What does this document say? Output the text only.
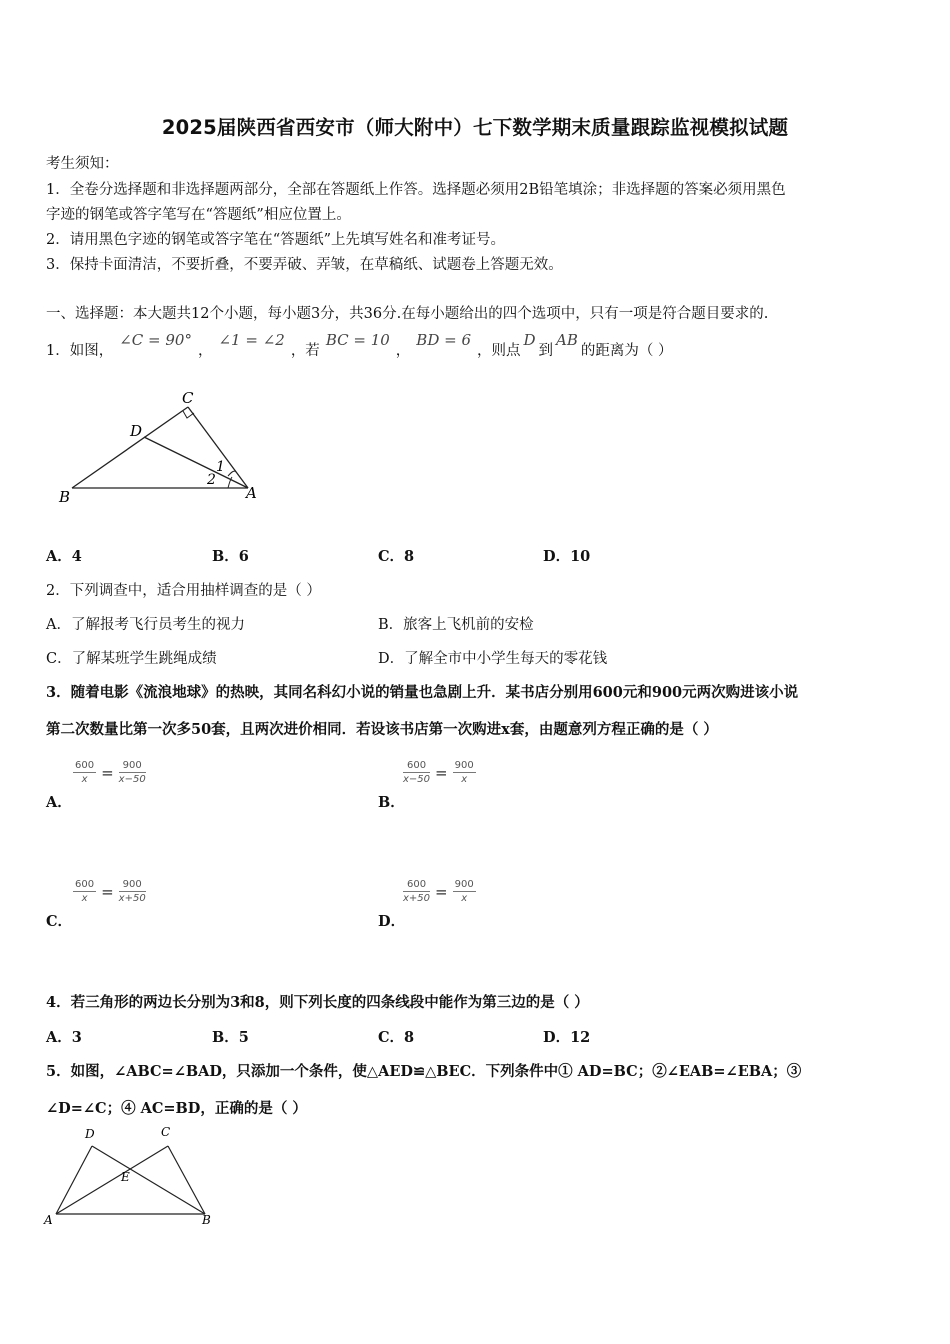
2025届陕西省西安市（师大附中）七下数学期末质量跟踪监视模拟试题
考生须知：
1．全卷分选择题和非选择题两部分，全部在答题纸上作答。选择题必须用2B铅笔填涂；非选择题的答案必须用黑色
字迹的钢笔或答字笔写在“答题纸”相应位置上。
2．请用黑色字迹的钢笔或答字笔在“答题纸”上先填写姓名和准考证号。
3．保持卡面清洁，不要折叠，不要弄破、弄皱，在草稿纸、试题卷上答题无效。
一、选择题：本大题共12个小题，每小题3分，共36分.在每小题给出的四个选项中，只有一项是符合题目要求的.
1．如图，∠C = 90°，∠1 = ∠2，若BC = 10，BD = 6，则点D到AB的距离为（ ）
C
D
B	A
1
2
A．4	B．6	C．8	D．10
2．下列调查中，适合用抽样调查的是（ ）
A．了解报考飞行员考生的视力	B．旅客上飞机前的安检
C．了解某班学生跳绳成绩	D．了解全市中小学生每天的零花钱
3．随着电影《流浪地球》的热映，其同名科幻小说的销量也急剧上升．某书店分别用600元和900元两次购进该小说
第二次数量比第一次多50套，且两次进价相同．若设该书店第一次购进x套，由题意列方程正确的是（ ）
$\frac{600}{x} = \frac{900}{x-50}$
A．
$\frac{600}{x-50} = \frac{900}{x}$
B．
$\frac{600}{x} = \frac{900}{x+50}$
C．
$\frac{600}{x+50} = \frac{900}{x}$
D．
4．若三角形的两边长分别为3和8，则下列长度的四条线段中能作为第三边的是（ ）
A．3	B．5	C．8	D．12
5．如图，∠ABC=∠BAD，只添加一个条件，使△AED≌△BEC．下列条件中① AD=BC；②∠EAB=∠EBA；③
∠D=∠C；④ AC=BD，正确的是（ ）
D	C
E
A	B
